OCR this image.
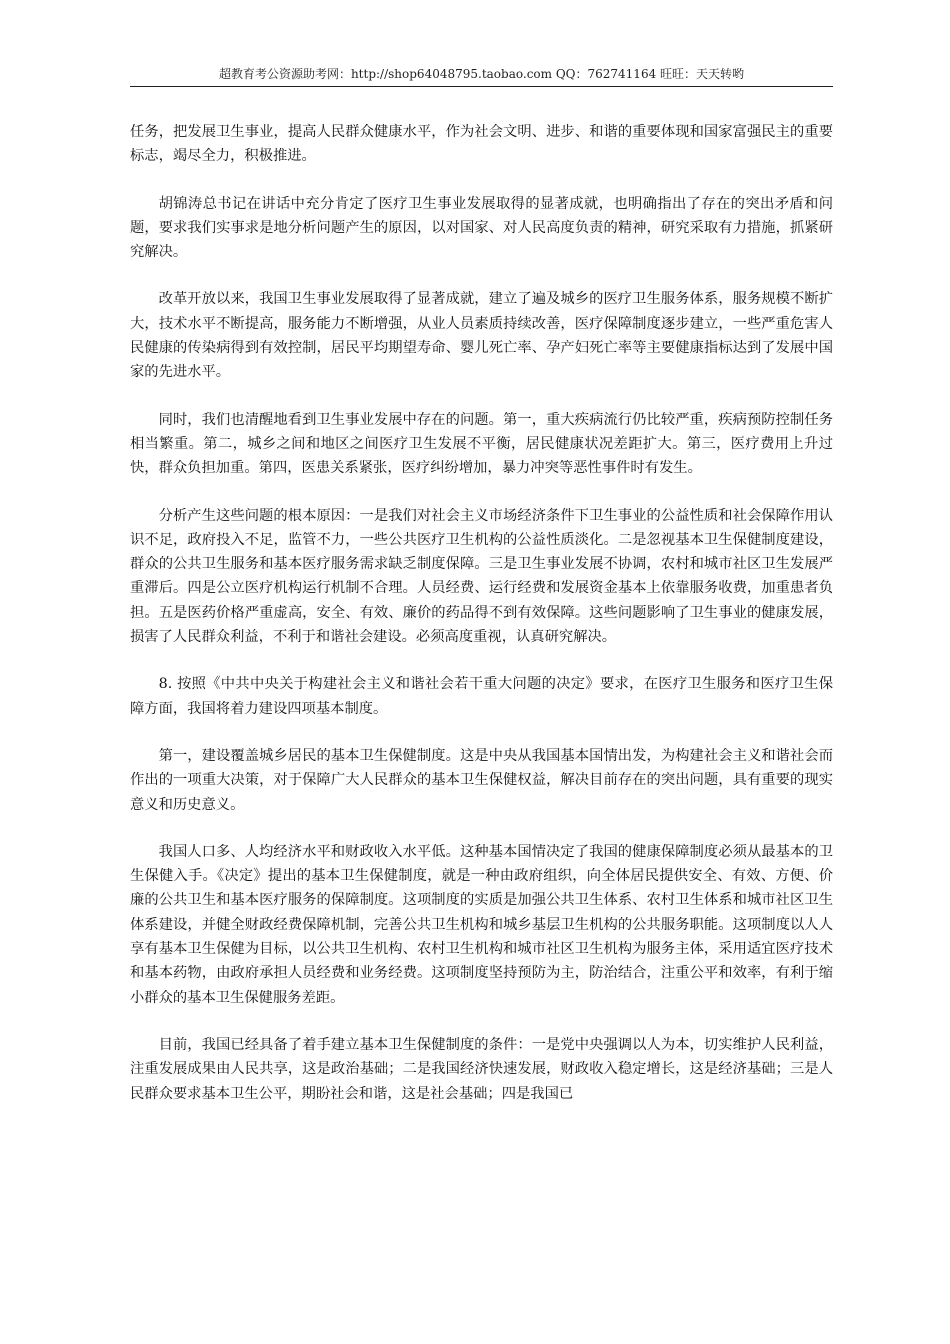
超教育考公资源助考网：http://shop64048795.taobao.com QQ：762741164 旺旺：天天转哟

任务，把发展卫生事业，提高人民群众健康水平，作为社会文明、进步、和谐的重要体现和国家富强民主的重要标志，竭尽全力，积极推进。

胡锦涛总书记在讲话中充分肯定了医疗卫生事业发展取得的显著成就，也明确指出了存在的突出矛盾和问题，要求我们实事求是地分析问题产生的原因，以对国家、对人民高度负责的精神，研究采取有力措施，抓紧研究解决。

改革开放以来，我国卫生事业发展取得了显著成就，建立了遍及城乡的医疗卫生服务体系，服务规模不断扩大，技术水平不断提高，服务能力不断增强，从业人员素质持续改善，医疗保障制度逐步建立，一些严重危害人民健康的传染病得到有效控制，居民平均期望寿命、婴儿死亡率、孕产妇死亡率等主要健康指标达到了发展中国家的先进水平。

同时，我们也清醒地看到卫生事业发展中存在的问题。第一，重大疾病流行仍比较严重，疾病预防控制任务相当繁重。第二，城乡之间和地区之间医疗卫生发展不平衡，居民健康状况差距扩大。第三，医疗费用上升过快，群众负担加重。第四，医患关系紧张，医疗纠纷增加，暴力冲突等恶性事件时有发生。

分析产生这些问题的根本原因：一是我们对社会主义市场经济条件下卫生事业的公益性质和社会保障作用认识不足，政府投入不足，监管不力，一些公共医疗卫生机构的公益性质淡化。二是忽视基本卫生保健制度建设，群众的公共卫生服务和基本医疗服务需求缺乏制度保障。三是卫生事业发展不协调，农村和城市社区卫生发展严重滞后。四是公立医疗机构运行机制不合理。人员经费、运行经费和发展资金基本上依靠服务收费，加重患者负担。五是医药价格严重虚高，安全、有效、廉价的药品得不到有效保障。这些问题影响了卫生事业的健康发展，损害了人民群众利益，不利于和谐社会建设。必须高度重视，认真研究解决。

8. 按照《中共中央关于构建社会主义和谐社会若干重大问题的决定》要求，在医疗卫生服务和医疗卫生保障方面，我国将着力建设四项基本制度。

第一，建设覆盖城乡居民的基本卫生保健制度。这是中央从我国基本国情出发，为构建社会主义和谐社会而作出的一项重大决策，对于保障广大人民群众的基本卫生保健权益，解决目前存在的突出问题，具有重要的现实意义和历史意义。

我国人口多、人均经济水平和财政收入水平低。这种基本国情决定了我国的健康保障制度必须从最基本的卫生保健入手。《决定》提出的基本卫生保健制度，就是一种由政府组织，向全体居民提供安全、有效、方便、价廉的公共卫生和基本医疗服务的保障制度。这项制度的实质是加强公共卫生体系、农村卫生体系和城市社区卫生体系建设，并健全财政经费保障机制，完善公共卫生机构和城乡基层卫生机构的公共服务职能。这项制度以人人享有基本卫生保健为目标，以公共卫生机构、农村卫生机构和城市社区卫生机构为服务主体，采用适宜医疗技术和基本药物，由政府承担人员经费和业务经费。这项制度坚持预防为主，防治结合，注重公平和效率，有利于缩小群众的基本卫生保健服务差距。

目前，我国已经具备了着手建立基本卫生保健制度的条件：一是党中央强调以人为本，切实维护人民利益，注重发展成果由人民共享，这是政治基础；二是我国经济快速发展，财政收入稳定增长，这是经济基础；三是人民群众要求基本卫生公平，期盼社会和谐，这是社会基础；四是我国已
